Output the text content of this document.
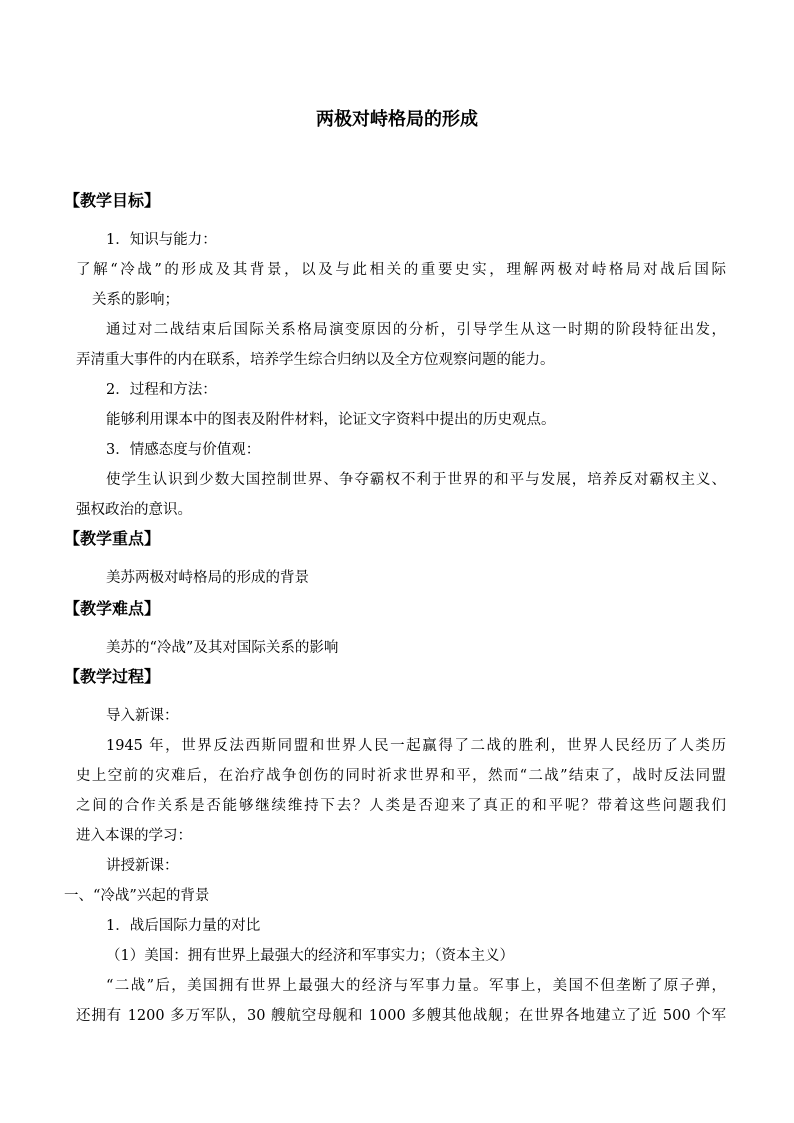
两极对峙格局的形成
【教学目标】
1．知识与能力：
了解“冷战”的形成及其背景，以及与此相关的重要史实，理解两极对峙格局对战后国际
关系的影响；
通过对二战结束后国际关系格局演变原因的分析，引导学生从这一时期的阶段特征出发，
弄清重大事件的内在联系，培养学生综合归纳以及全方位观察问题的能力。
2．过程和方法：
能够利用课本中的图表及附件材料，论证文字资料中提出的历史观点。
3．情感态度与价值观：
使学生认识到少数大国控制世界、争夺霸权不利于世界的和平与发展，培养反对霸权主义、
强权政治的意识。
【教学重点】
美苏两极对峙格局的形成的背景
【教学难点】
美苏的“冷战”及其对国际关系的影响
【教学过程】
导入新课：
1945 年，世界反法西斯同盟和世界人民一起赢得了二战的胜利，世界人民经历了人类历
史上空前的灾难后，在治疗战争创伤的同时祈求世界和平，然而“二战”结束了，战时反法同盟
之间的合作关系是否能够继续维持下去？人类是否迎来了真正的和平呢？带着这些问题我们
进入本课的学习：
讲授新课：
一、“冷战”兴起的背景
1．战后国际力量的对比
（1）美国：拥有世界上最强大的经济和军事实力；（资本主义）
“二战”后，美国拥有世界上最强大的经济与军事力量。军事上，美国不但垄断了原子弹，
还拥有 1200 多万军队，30 艘航空母舰和 1000 多艘其他战舰；在世界各地建立了近 500 个军
